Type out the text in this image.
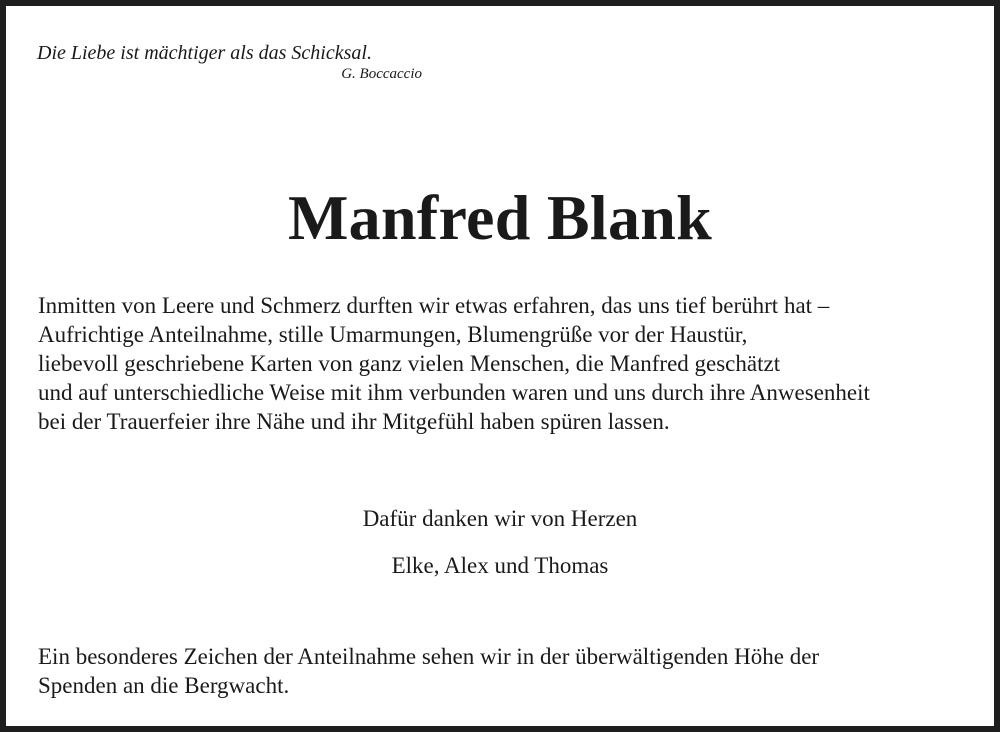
Die Liebe ist mächtiger als das Schicksal.
G. Boccaccio
Manfred Blank
Inmitten von Leere und Schmerz durften wir etwas erfahren, das uns tief berührt hat –
Aufrichtige Anteilnahme, stille Umarmungen, Blumengrüße vor der Haustür,
liebevoll geschriebene Karten von ganz vielen Menschen, die Manfred geschätzt
und auf unterschiedliche Weise mit ihm verbunden waren und uns durch ihre Anwesenheit
bei der Trauerfeier ihre Nähe und ihr Mitgefühl haben spüren lassen.
Dafür danken wir von Herzen
Elke, Alex und Thomas
Ein besonderes Zeichen der Anteilnahme sehen wir in der überwältigenden Höhe der
Spenden an die Bergwacht.
